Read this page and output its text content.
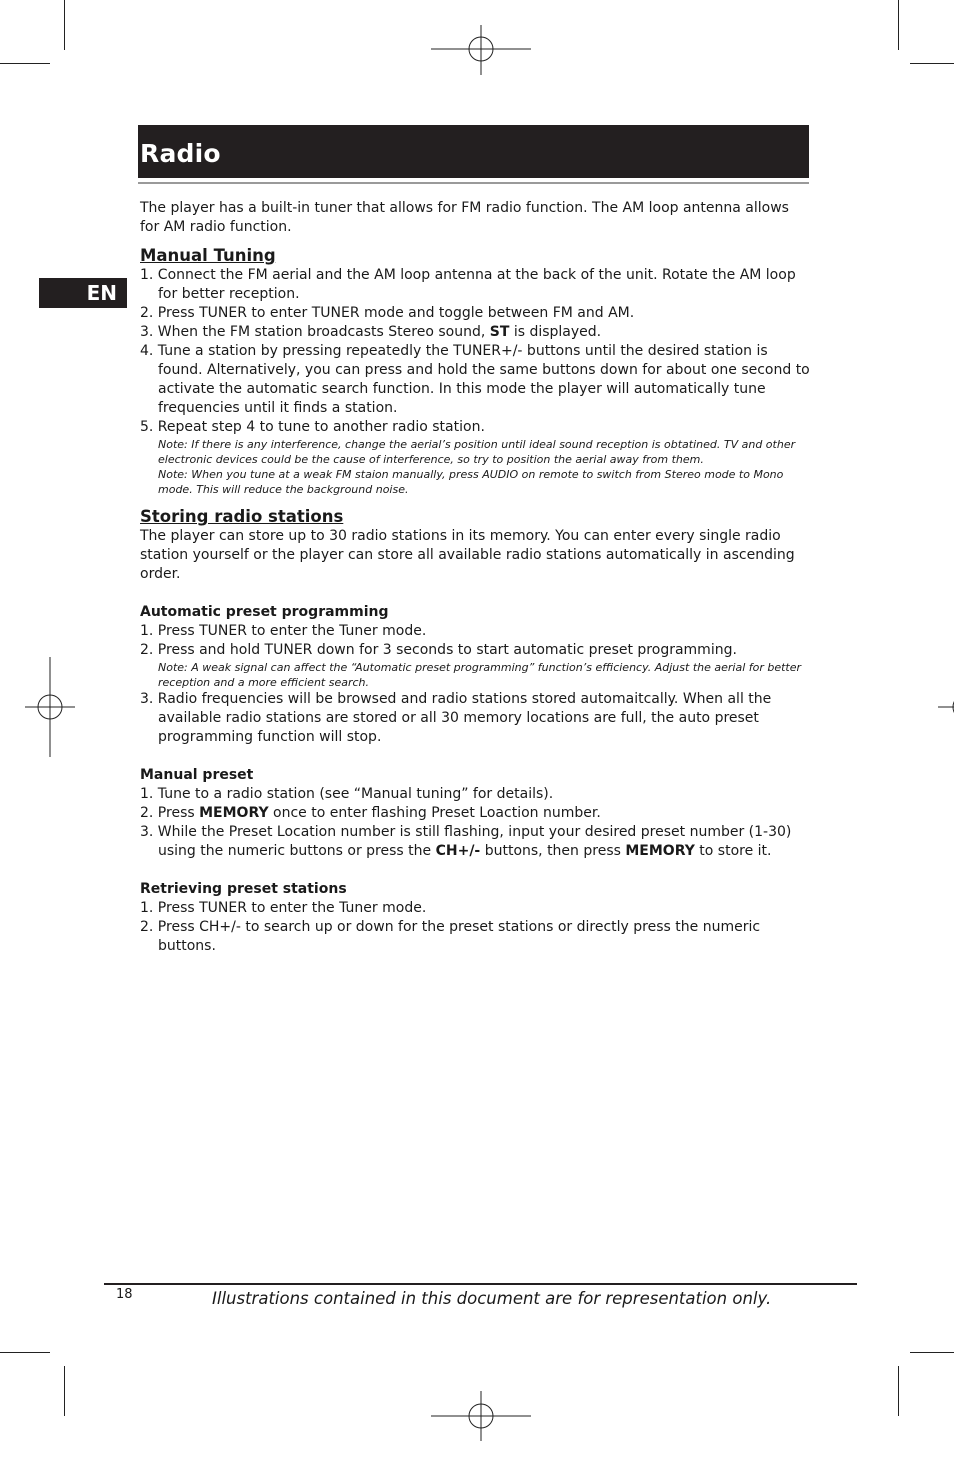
Radio
EN

The player has a built-in tuner that allows for FM radio function. The AM loop antenna allows for AM radio function.

Manual Tuning

1. Connect the FM aerial and the AM loop antenna at the back of the unit. Rotate the AM loop for better reception.

2. Press TUNER to enter TUNER mode and toggle between FM and AM.

3. When the FM station broadcasts Stereo sound, ST is displayed.

4. Tune a station by pressing repeatedly the TUNER+/- buttons until the desired station is found. Alternatively, you can press and hold the same buttons down for about one second to activate the automatic search function. In this mode the player will automatically tune frequencies until it finds a station.

5. Repeat step 4 to tune to another radio station.

Note: If there is any interference, change the aerial’s position until ideal sound reception is obtatined. TV and other electronic devices could be the cause of interference, so try to position the aerial away from them.

Note: When you tune at a weak FM staion manually, press AUDIO on remote to switch from Stereo mode to Mono mode. This will reduce the background noise.

Storing radio stations

The player can store up to 30 radio stations in its memory. You can enter every single radio station yourself or the player can store all available radio stations automatically in ascending order.

Automatic preset programming

1. Press TUNER to enter the Tuner mode.

2. Press and hold TUNER down for 3 seconds to start automatic preset programming.

Note: A weak signal can affect the “Automatic preset programming” function’s efficiency. Adjust the aerial for better reception and a more efficient search.

3. Radio frequencies will be browsed and radio stations stored automaitcally. When all the available radio stations are stored or all 30 memory locations are full, the auto preset programming function will stop.

Manual preset

1. Tune to a radio station (see “Manual tuning” for details).

2. Press MEMORY once to enter flashing Preset Loaction number.

3. While the Preset Location number is still flashing, input your desired preset number (1-30) using the numeric buttons or press the CH+/- buttons, then press MEMORY to store it.

Retrieving preset stations

1. Press TUNER to enter the Tuner mode.

2. Press CH+/- to search up or down for the preset stations or directly press the numeric buttons.

18	Illustrations contained in this document are for representation only.
